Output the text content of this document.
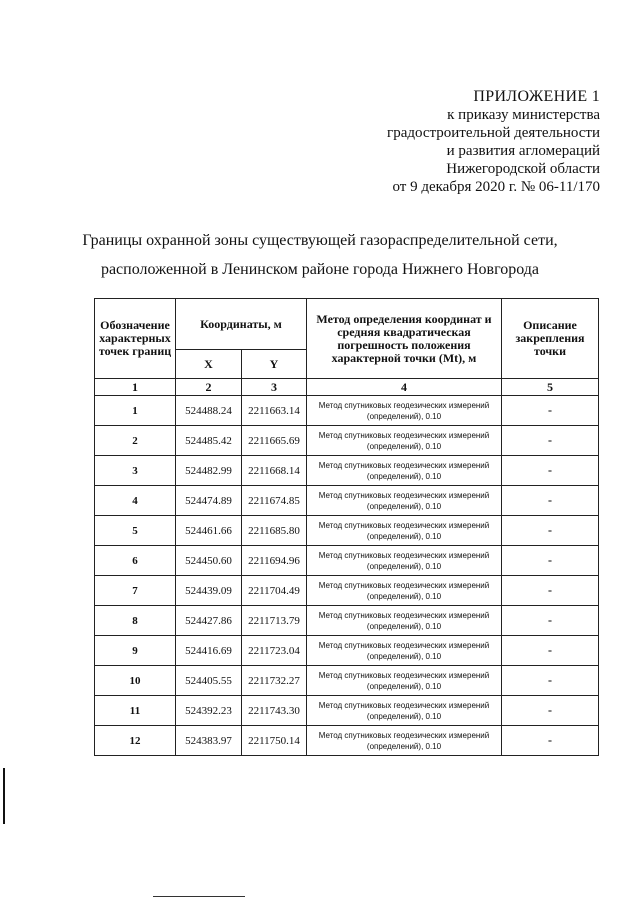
ПРИЛОЖЕНИЕ 1
к приказу министерства
градостроительной деятельности
и развития агломераций
Нижегородской области
от 9 декабря 2020 г. № 06-11/170
Границы охранной зоны существующей газораспределительной сети,
расположенной в Ленинском районе города Нижнего Новгорода
Обозначение характерных точек границ	Координаты, м		Метод определения координат и средняя квадратическая погрешность положения характерной точки (Mt), м	Описание закрепления точки
	X	Y		
1	2	3	4	5
1	524488.24	2211663.14	Метод спутниковых геодезических измерений (определений), 0.10	-
2	524485.42	2211665.69	Метод спутниковых геодезических измерений (определений), 0.10	-
3	524482.99	2211668.14	Метод спутниковых геодезических измерений (определений), 0.10	-
4	524474.89	2211674.85	Метод спутниковых геодезических измерений (определений), 0.10	-
5	524461.66	2211685.80	Метод спутниковых геодезических измерений (определений), 0.10	-
6	524450.60	2211694.96	Метод спутниковых геодезических измерений (определений), 0.10	-
7	524439.09	2211704.49	Метод спутниковых геодезических измерений (определений), 0.10	-
8	524427.86	2211713.79	Метод спутниковых геодезических измерений (определений), 0.10	-
9	524416.69	2211723.04	Метод спутниковых геодезических измерений (определений), 0.10	-
10	524405.55	2211732.27	Метод спутниковых геодезических измерений (определений), 0.10	-
11	524392.23	2211743.30	Метод спутниковых геодезических измерений (определений), 0.10	-
12	524383.97	2211750.14	Метод спутниковых геодезических измерений (определений), 0.10	-
